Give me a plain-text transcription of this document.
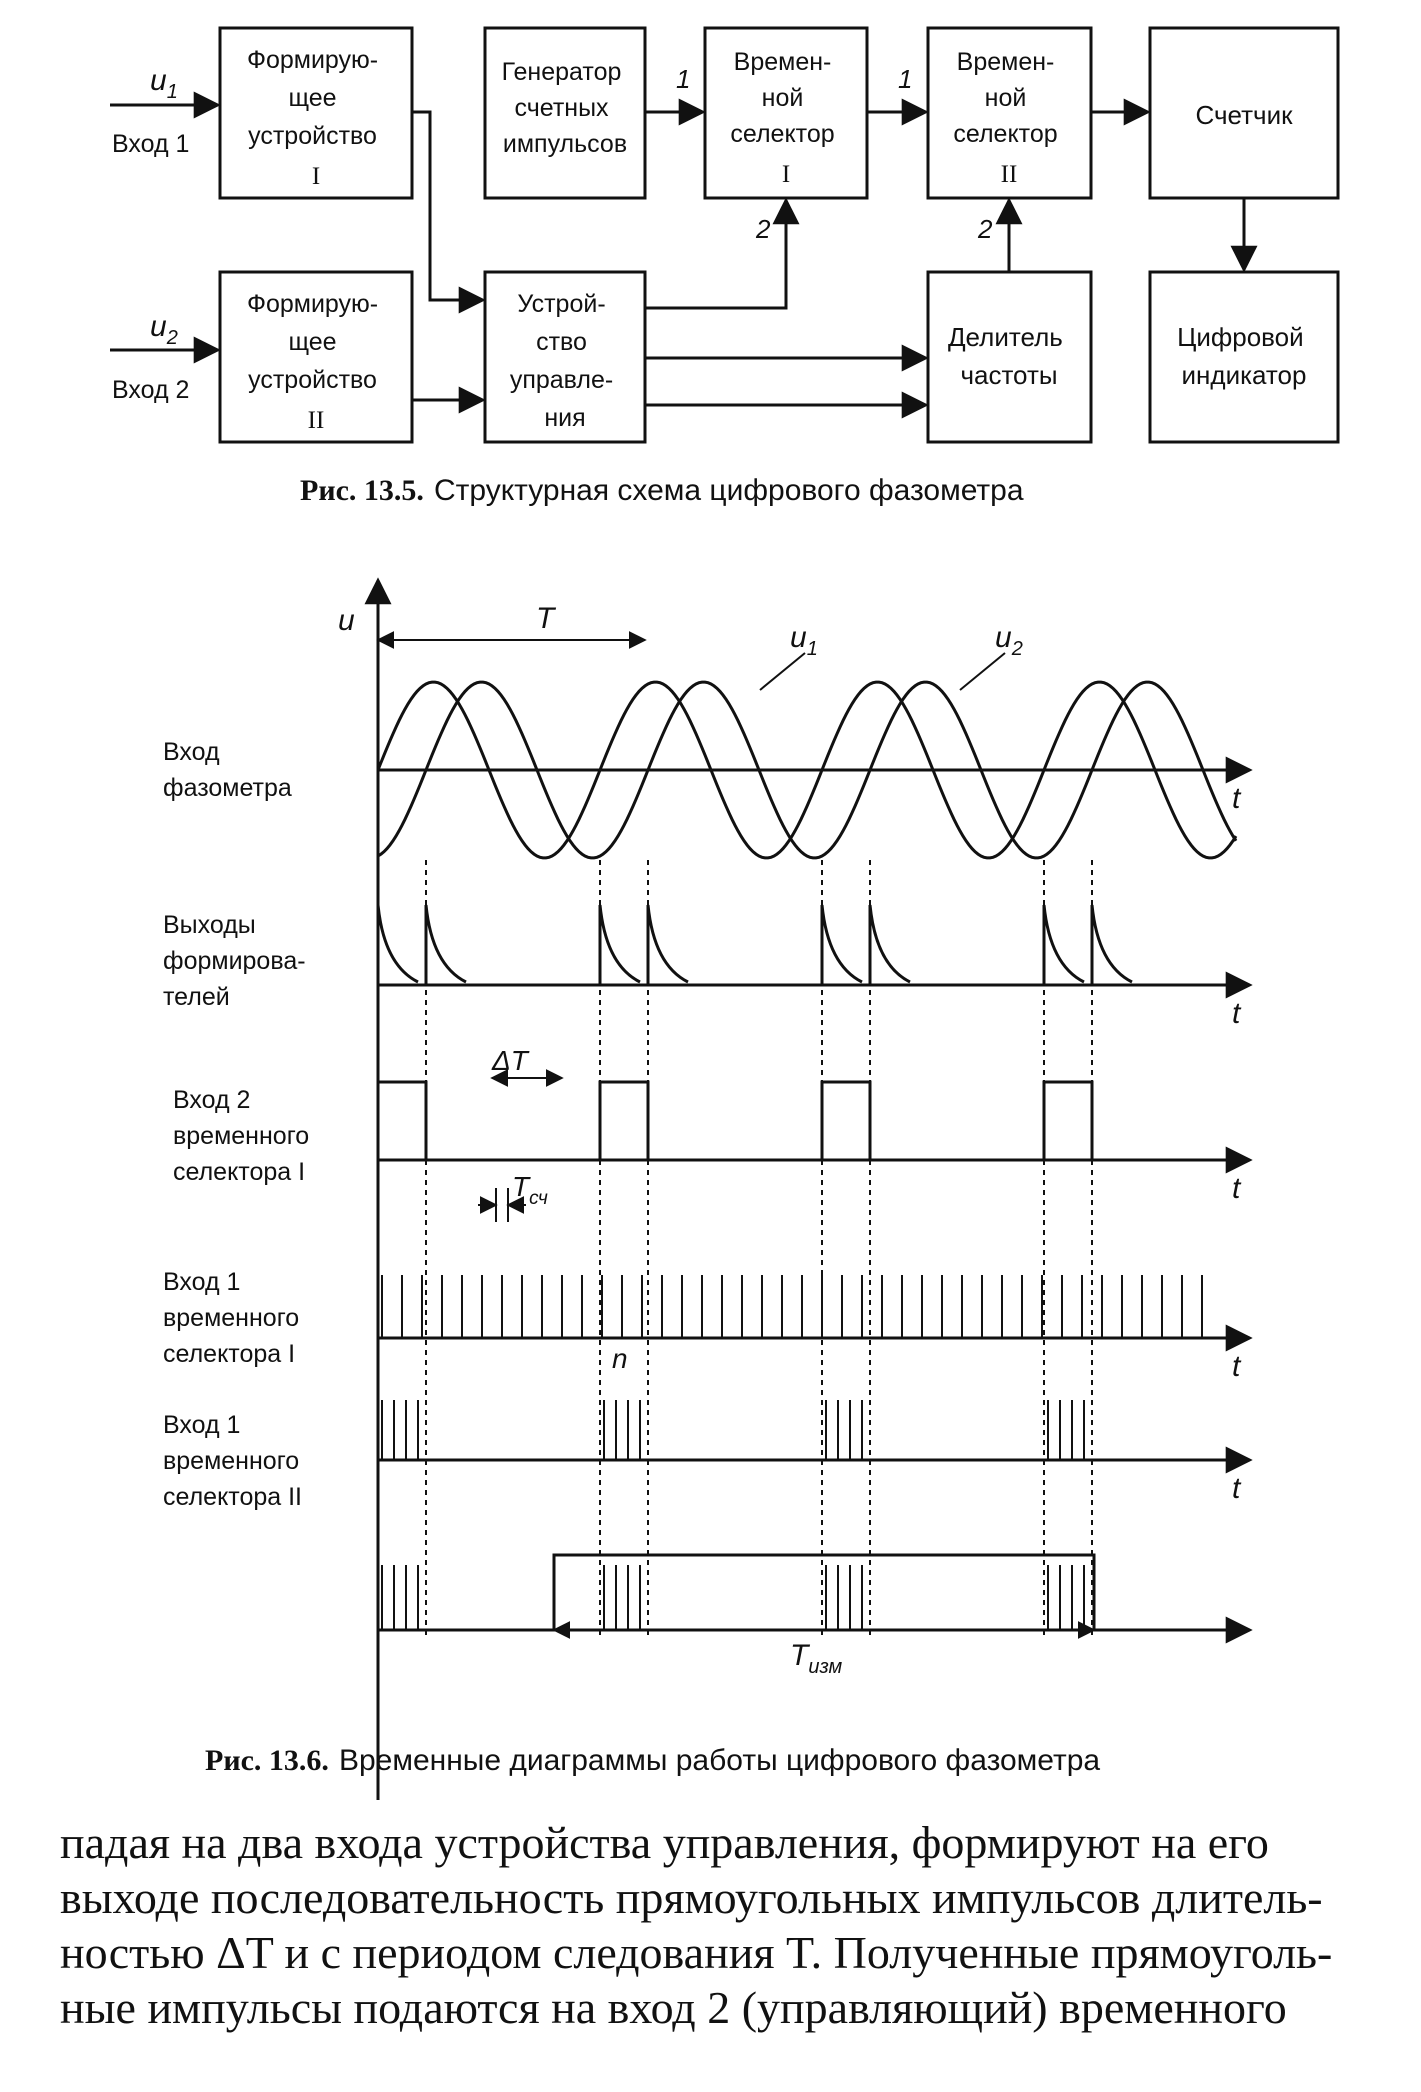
Формирую- щее устройство I
Генератор счетных импульсов
Времен- ной селектор I
Времен- ной селектор II
Счетчик
Формирую- щее устройство II
Устрой- ство управле- ния
Делитель частоты
Цифровой индикатор
$u_1$
Вход 1
$u_2$
Вход 2
1
2
1
2
Рис. 13.5. Структурная схема цифрового фазометра
u	T
$u_1$	$u_2$
Вход фазометра
Выходы формирова-телей
Вход 2 временного селектора I
Вход 1 временного селектора I
Вход 1 временного селектора II
ΔT
$T_{сч}$
n
$T_{изм}$
t
t
t
t
t
Рис. 13.6. Временные диаграммы работы цифрового фазометра

падая на два входа устройства управления, формируют на его

выходе последовательность прямоугольных импульсов длитель-

ностью ΔT и с периодом следования T. Полученные прямоуголь-

ные импульсы подаются на вход 2 (управляющий) временного
